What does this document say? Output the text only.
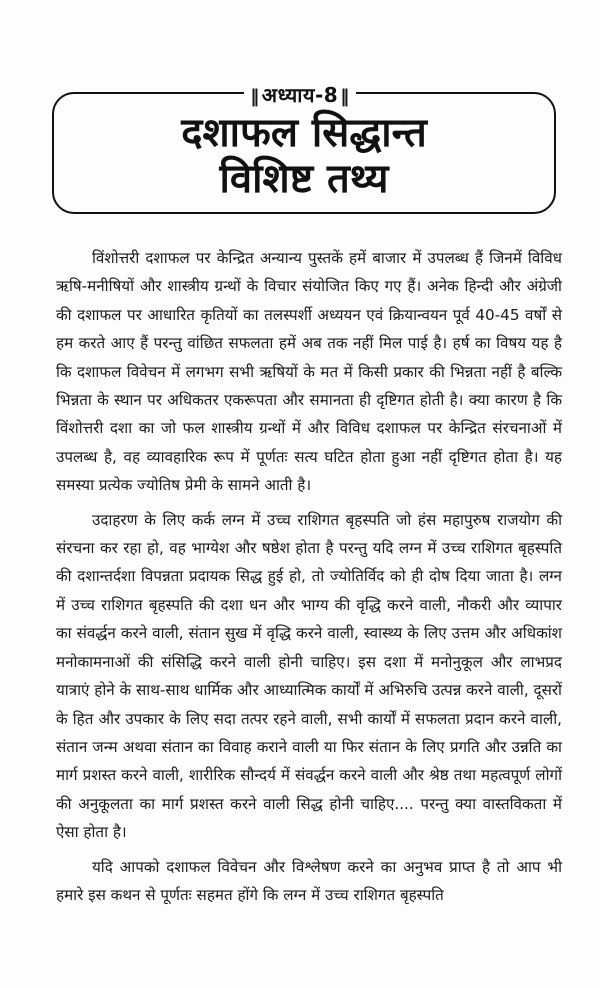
‖ अध्याय-8 ‖
दशाफल सिद्धान्त
विशिष्ट तथ्य

विंशोत्तरी दशाफल पर केन्द्रित अन्यान्य पुस्तकें हमें बाजार में उपलब्ध हैं जिनमें विविध ऋषि-मनीषियों और शास्त्रीय ग्रन्थों के विचार संयोजित किए गए हैं। अनेक हिन्दी और अंग्रेजी की दशाफल पर आधारित कृतियों का तलस्पर्शी अध्ययन एवं क्रियान्वयन पूर्व 40-45 वर्षों से हम करते आए हैं परन्तु वांछित सफलता हमें अब तक नहीं मिल पाई है। हर्ष का विषय यह है कि दशाफल विवेचन में लगभग सभी ऋषियों के मत में किसी प्रकार की भिन्नता नहीं है बल्कि भिन्नता के स्थान पर अधिकतर एकरूपता और समानता ही दृष्टिगत होती है। क्या कारण है कि विंशोत्तरी दशा का जो फल शास्त्रीय ग्रन्थों में और विविध दशाफल पर केन्द्रित संरचनाओं में उपलब्ध है, वह व्यावहारिक रूप में पूर्णतः सत्य घटित होता हुआ नहीं दृष्टिगत होता है। यह समस्या प्रत्येक ज्योतिष प्रेमी के सामने आती है।

उदाहरण के लिए कर्क लग्न में उच्च राशिगत बृहस्पति जो हंस महापुरुष राजयोग की संरचना कर रहा हो, वह भाग्येश और षष्ठेश होता है परन्तु यदि लग्न में उच्च राशिगत बृहस्पति की दशान्तर्दशा विपन्नता प्रदायक सिद्ध हुई हो, तो ज्योतिर्विद को ही दोष दिया जाता है। लग्न में उच्च राशिगत बृहस्पति की दशा धन और भाग्य की वृद्धि करने वाली, नौकरी और व्यापार का संवर्द्धन करने वाली, संतान सुख में वृद्धि करने वाली, स्वास्थ्य के लिए उत्तम और अधिकांश मनोकामनाओं की संसिद्धि करने वाली होनी चाहिए। इस दशा में मनोनुकूल और लाभप्रद यात्राएं होने के साथ-साथ धार्मिक और आध्यात्मिक कार्यों में अभिरुचि उत्पन्न करने वाली, दूसरों के हित और उपकार के लिए सदा तत्पर रहने वाली, सभी कार्यों में सफलता प्रदान करने वाली, संतान जन्म अथवा संतान का विवाह कराने वाली या फिर संतान के लिए प्रगति और उन्नति का मार्ग प्रशस्त करने वाली, शारीरिक सौन्दर्य में संवर्द्धन करने वाली और श्रेष्ठ तथा महत्वपूर्ण लोगों की अनुकूलता का मार्ग प्रशस्त करने वाली सिद्ध होनी चाहिए.... परन्तु क्या वास्तविकता में ऐसा होता है।

यदि आपको दशाफल विवेचन और विश्लेषण करने का अनुभव प्राप्त है तो आप भी हमारे इस कथन से पूर्णतः सहमत होंगे कि लग्न में उच्च राशिगत बृहस्पति
